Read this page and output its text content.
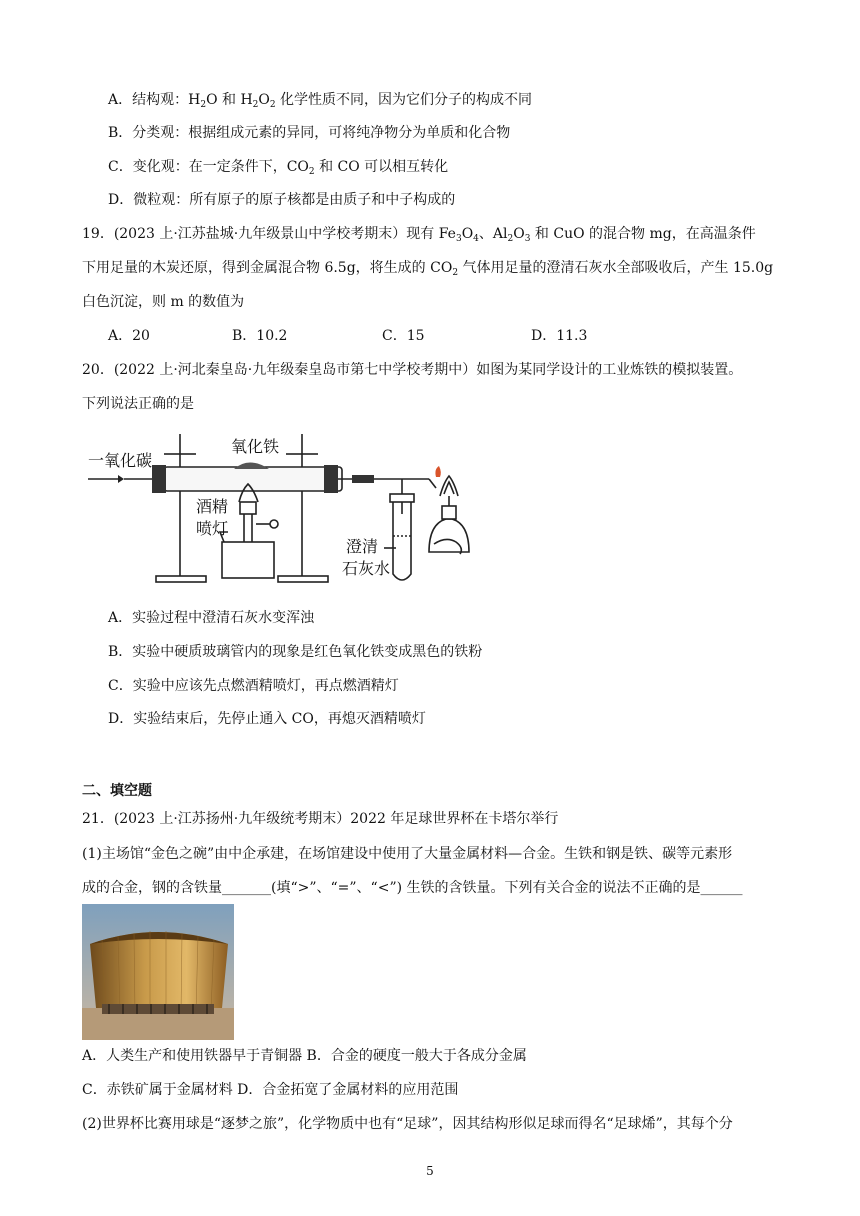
A．结构观：$H_2O$ 和 $H_2O_2$ 化学性质不同，因为它们分子的构成不同
B．分类观：根据组成元素的异同，可将纯净物分为单质和化合物
C．变化观：在一定条件下，$CO_2$ 和 CO 可以相互转化
D．微粒观：所有原子的原子核都是由质子和中子构成的
19．(2023 上·江苏盐城·九年级景山中学校考期末）现有 $Fe_3O_4$、$Al_2O_3$ 和 CuO 的混合物 mg，在高温条件
下用足量的木炭还原，得到金属混合物 6.5g，将生成的 $CO_2$ 气体用足量的澄清石灰水全部吸收后，产生 15.0g
白色沉淀，则 m 的数值为
A．20	B．10.2	C．15	D．11.3
20．(2022 上·河北秦皇岛·九年级秦皇岛市第七中学校考期中）如图为某同学设计的工业炼铁的模拟装置。
下列说法正确的是
一氧化碳
氧化铁
酒精
喷灯
澄清
石灰水
A．实验过程中澄清石灰水变浑浊
B．实验中硬质玻璃管内的现象是红色氧化铁变成黑色的铁粉
C．实验中应该先点燃酒精喷灯，再点燃酒精灯
D．实验结束后，先停止通入 CO，再熄灭酒精喷灯
二、填空题
21．(2023 上·江苏扬州·九年级统考期末）2022 年足球世界杯在卡塔尔举行
(1)主场馆“金色之碗”由中企承建，在场馆建设中使用了大量金属材料—合金。生铁和钢是铁、碳等元素形
成的合金，钢的含铁量_______(填“>”、“=”、“<”) 生铁的含铁量。下列有关合金的说法不正确的是______
A．人类生产和使用铁器早于青铜器 B．合金的硬度一般大于各成分金属
C．赤铁矿属于金属材料 D．合金拓宽了金属材料的应用范围
(2)世界杯比赛用球是“逐梦之旅”，化学物质中也有“足球”，因其结构形似足球而得名“足球烯”，其每个分
5
